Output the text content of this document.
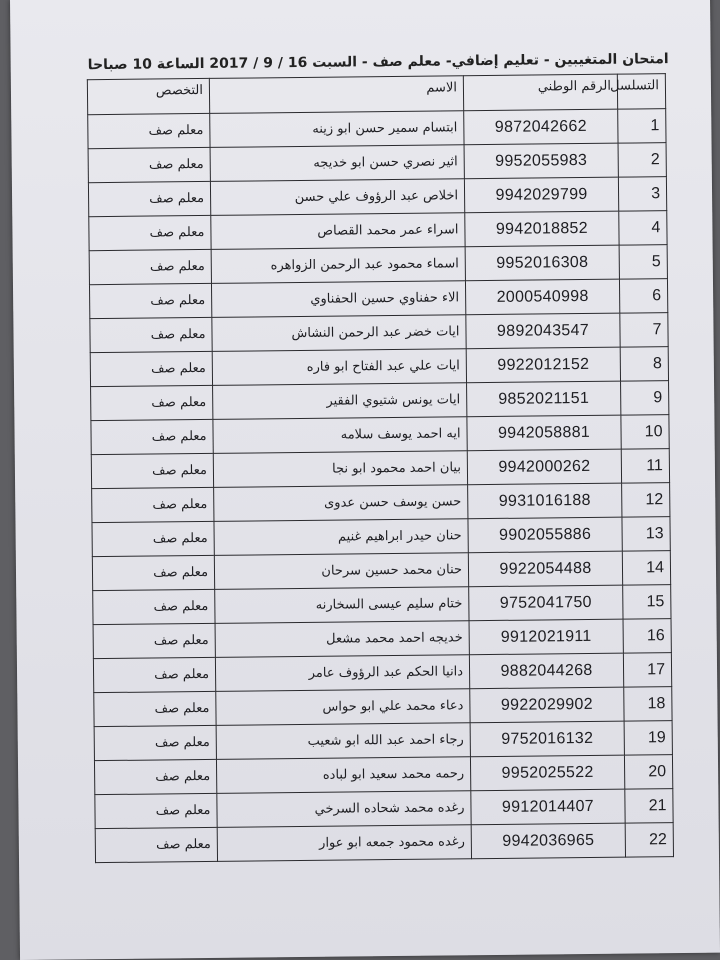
امتحان المتغيبين - تعليم إضافي- معلم صف - السبت 16 / 9 / 2017 الساعة 10 صباحا
التسلسل	الرقم الوطني	الاسم	التخصص
1	9872042662	ابتسام سمير حسن ابو زينه	معلم صف
2	9952055983	اثير نصري حسن ابو خديجه	معلم صف
3	9942029799	اخلاص عبد الرؤوف علي حسن	معلم صف
4	9942018852	اسراء عمر محمد القصاص	معلم صف
5	9952016308	اسماء محمود عبد الرحمن الزواهره	معلم صف
6	2000540998	الاء حفناوي حسين الحفناوي	معلم صف
7	9892043547	ايات خضر عبد الرحمن النشاش	معلم صف
8	9922012152	ايات علي عبد الفتاح ابو فاره	معلم صف
9	9852021151	ايات يونس شتيوي الفقير	معلم صف
10	9942058881	ايه احمد يوسف سلامه	معلم صف
11	9942000262	بيان احمد محمود ابو نجا	معلم صف
12	9931016188	حسن يوسف حسن عدوى	معلم صف
13	9902055886	حنان حيدر ابراهيم غنيم	معلم صف
14	9922054488	حنان محمد حسين سرحان	معلم صف
15	9752041750	ختام سليم عيسى السخارنه	معلم صف
16	9912021911	خديجه احمد محمد مشعل	معلم صف
17	9882044268	دانيا الحكم عبد الرؤوف عامر	معلم صف
18	9922029902	دعاء محمد علي ابو حواس	معلم صف
19	9752016132	رجاء احمد عبد الله ابو شعيب	معلم صف
20	9952025522	رحمه محمد سعيد ابو لباده	معلم صف
21	9912014407	رغده محمد شحاده السرخي	معلم صف
22	9942036965	رغده محمود جمعه ابو عوار	معلم صف
